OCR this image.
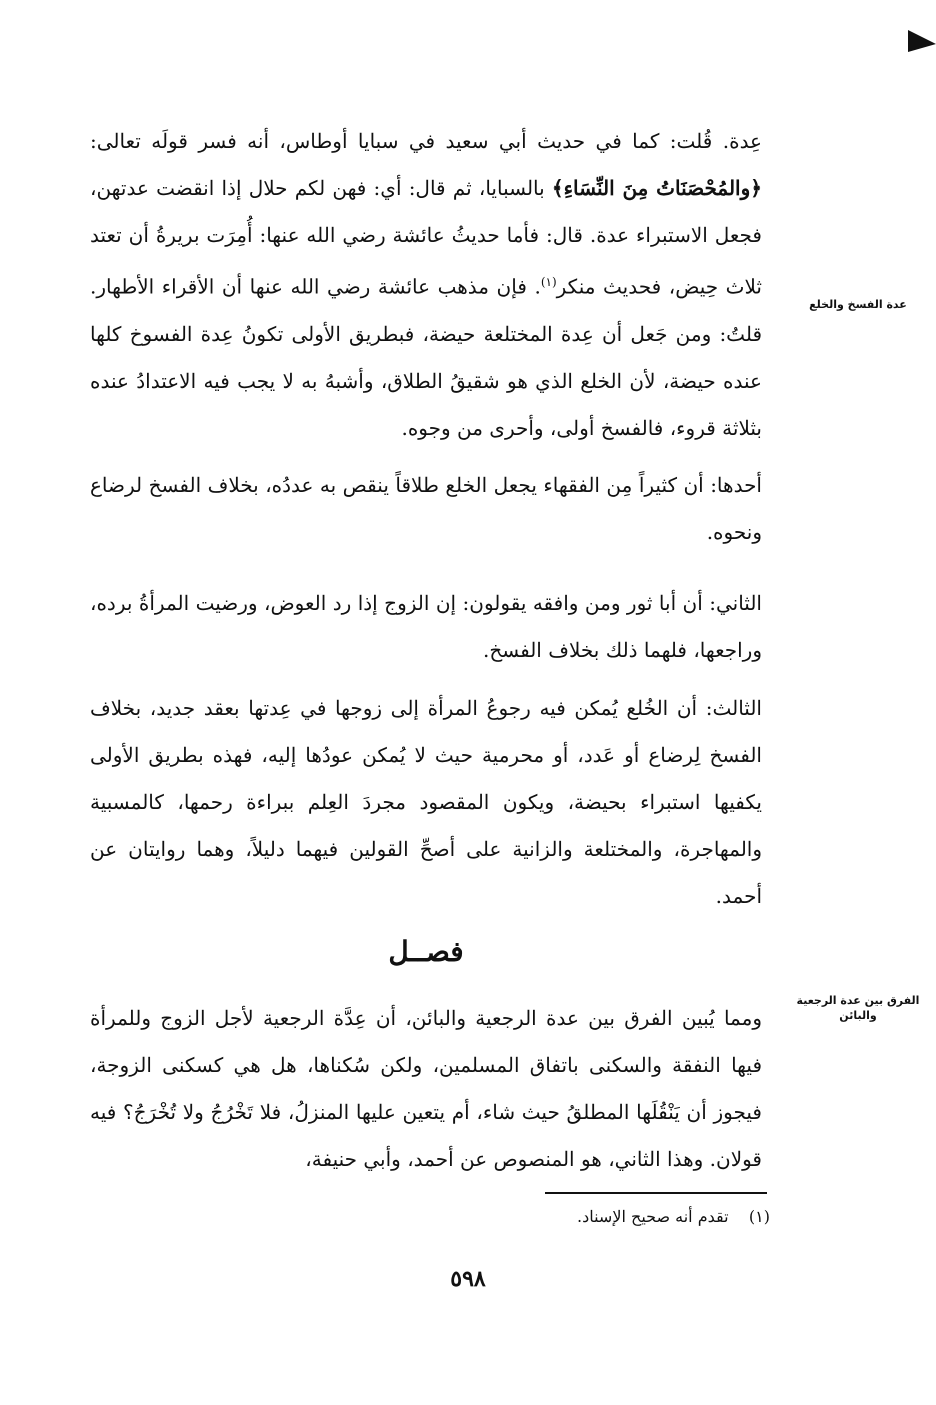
عدة الفسخ والخلع

عِدة. قُلت: كما في حديث أبي سعيد في سبايا أوطاس، أنه فسر قولَه تعالى: ﴿والمُحْصَنَاتُ مِنَ النِّسَاءِ﴾ بالسبايا، ثم قال: أي: فهن لكم حلال إذا انقضت عدتهن، فجعل الاستبراء عدة. قال: فأما حديثُ عائشة رضي الله عنها: أُمِرَت بريرةُ أن تعتد ثلاث حِيض، فحديث منكر$^{(١)}$. فإن مذهب عائشة رضي الله عنها أن الأقراء الأطهار. قلتُ: ومن جَعل أن عِدة المختلعة حيضة، فبطريق الأولى تكونُ عِدة الفسوخ كلها عنده حيضة، لأن الخلع الذي هو شقيقُ الطلاق، وأشبهُ به لا يجب فيه الاعتدادُ عنده بثلاثة قروء، فالفسخ أولى، وأحرى من وجوه.

أحدها: أن كثيراً مِن الفقهاء يجعل الخلع طلاقاً ينقص به عددُه، بخلاف الفسخ لرضاع ونحوه.

الثاني: أن أبا ثور ومن وافقه يقولون: إن الزوج إذا رد العوض، ورضيت المرأةُ برده، وراجعها، فلهما ذلك بخلاف الفسخ.

الثالث: أن الخُلع يُمكن فيه رجوعُ المرأة إلى زوجها في عِدتها بعقد جديد، بخلاف الفسخ لِرضاع أو عَدد، أو محرمية حيث لا يُمكن عودُها إليه، فهذه بطريق الأولى يكفيها استبراء بحيضة، ويكون المقصود مجردَ العِلم ببراءة رحمها، كالمسبية والمهاجرة، والمختلعة والزانية على أصحِّ القولين فيهما دليلاً، وهما روايتان عن أحمد.

فصــل
الفرق بين عدة الرجعية والبائن

ومما يُبين الفرق بين عدة الرجعية والبائن، أن عِدَّة الرجعية لأجل الزوج وللمرأة فيها النفقة والسكنى باتفاق المسلمين، ولكن سُكناها، هل هي كسكنى الزوجة، فيجوز أن يَنْقُلَها المطلقُ حيث شاء، أم يتعين عليها المنزلُ، فلا تَخْرُجُ ولا تُخْرَجُ؟ فيه قولان. وهذا الثاني، هو المنصوص عن أحمد، وأبي حنيفة،

(١)    تقدم أنه صحيح الإسناد.
٥٩٨
